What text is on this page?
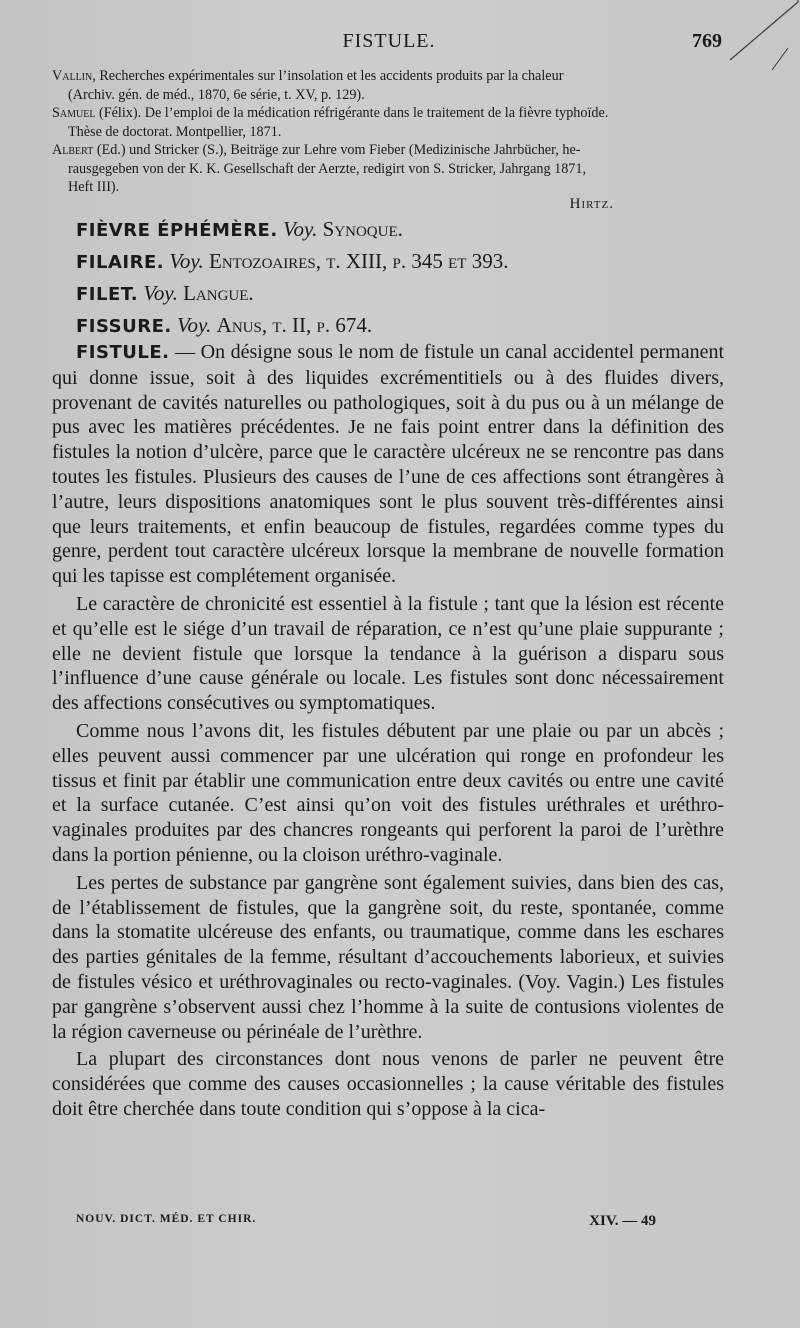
FISTULE.	769
Vallin, Recherches expérimentales sur l’insolation et les accidents produits par la chaleur
(Archiv. gén. de méd., 1870, 6e série, t. XV, p. 129).
Samuel (Félix). De l’emploi de la médication réfrigérante dans le traitement de la fièvre typhoïde.
Thèse de doctorat. Montpellier, 1871.
Albert (Ed.) und Stricker (S.), Beiträge zur Lehre vom Fieber (Medizinische Jahrbücher, he-
rausgegeben von der K. K. Gesellschaft der Aerzte, redigirt von S. Stricker, Jahrgang 1871,
Heft III).
Hirtz.
FIÈVRE ÉPHÉMÈRE. Voy. Synoque.
FILAIRE. Voy. Entozoaires, t. XIII, p. 345 et 393.
FILET. Voy. Langue.
FISSURE. Voy. Anus, t. II, p. 674.

FISTULE. — On désigne sous le nom de fistule un canal accidentel permanent qui donne issue, soit à des liquides excrémentitiels ou à des fluides divers, provenant de cavités naturelles ou pathologiques, soit à du pus ou à un mélange de pus avec les matières précédentes. Je ne fais point entrer dans la définition des fistules la notion d’ulcère, parce que le caractère ulcéreux ne se rencontre pas dans toutes les fistules. Plusieurs des causes de l’une de ces affections sont étrangères à l’autre, leurs dispositions anatomiques sont le plus souvent très-différentes ainsi que leurs traitements, et enfin beaucoup de fistules, regardées comme types du genre, perdent tout caractère ulcéreux lorsque la membrane de nouvelle formation qui les tapisse est complétement organisée.

Le caractère de chronicité est essentiel à la fistule ; tant que la lésion est récente et qu’elle est le siége d’un travail de réparation, ce n’est qu’une plaie suppurante ; elle ne devient fistule que lorsque la tendance à la guérison a disparu sous l’influence d’une cause générale ou locale. Les fistules sont donc nécessairement des affections consécutives ou symptomatiques.

Comme nous l’avons dit, les fistules débutent par une plaie ou par un abcès ; elles peuvent aussi commencer par une ulcération qui ronge en profondeur les tissus et finit par établir une communication entre deux cavités ou entre une cavité et la surface cutanée. C’est ainsi qu’on voit des fistules uréthrales et uréthro-vaginales produites par des chancres rongeants qui perforent la paroi de l’urèthre dans la portion pénienne, ou la cloison uréthro-vaginale.

Les pertes de substance par gangrène sont également suivies, dans bien des cas, de l’établissement de fistules, que la gangrène soit, du reste, spontanée, comme dans la stomatite ulcéreuse des enfants, ou traumatique, comme dans les eschares des parties génitales de la femme, résultant d’accouchements laborieux, et suivies de fistules vésico et uréthrovaginales ou recto-vaginales. (Voy. Vagin.) Les fistules par gangrène s’observent aussi chez l’homme à la suite de contusions violentes de la région caverneuse ou périnéale de l’urèthre.

La plupart des circonstances dont nous venons de parler ne peuvent être considérées que comme des causes occasionnelles ; la cause véritable des fistules doit être cherchée dans toute condition qui s’oppose à la cica-

NOUV. DICT. MÉD. ET CHIR.	XIV. — 49
